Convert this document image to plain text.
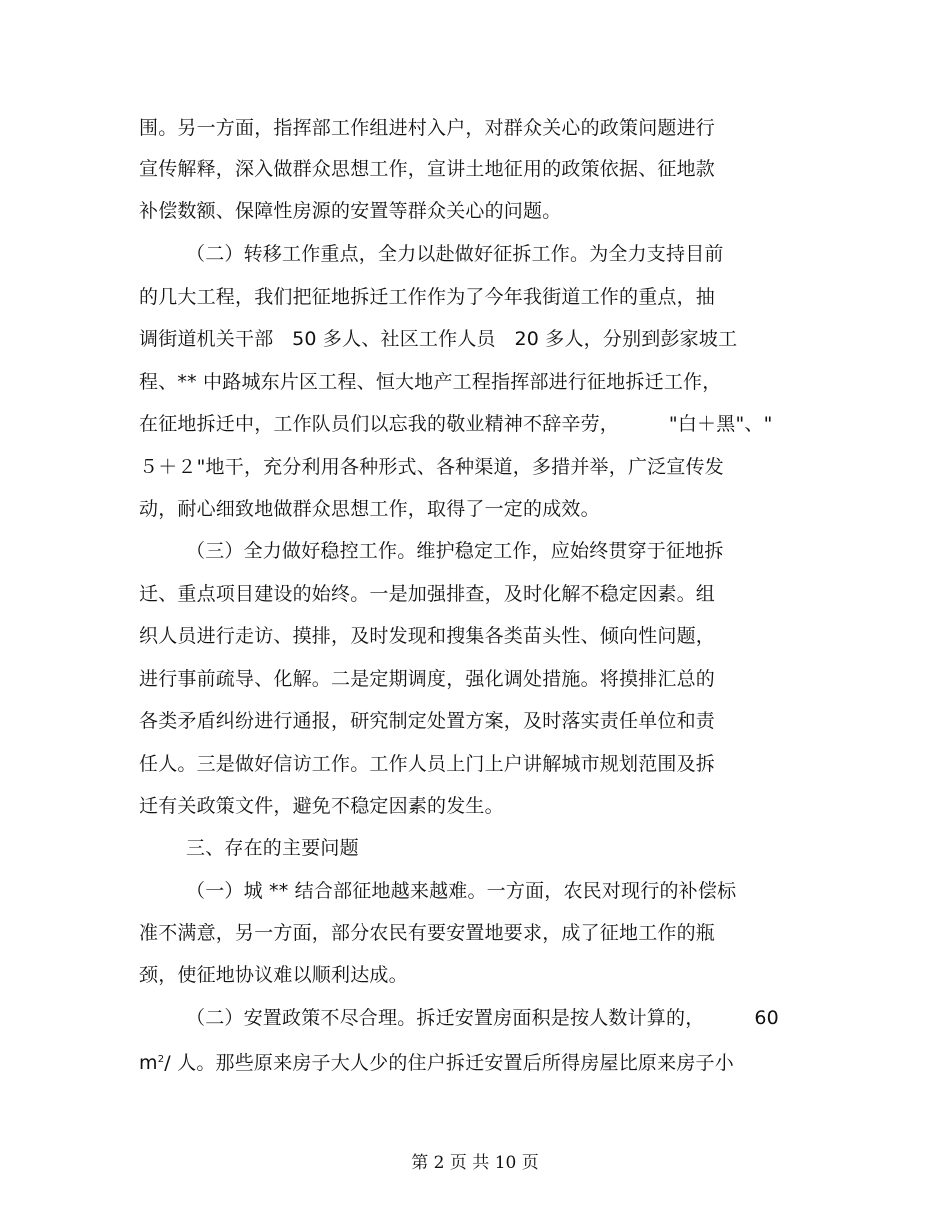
围。另一方面，指挥部工作组进村入户，对群众关心的政策问题进行

宣传解释，深入做群众思想工作，宣讲土地征用的政策依据、征地款

补偿数额、保障性房源的安置等群众关心的问题。

（二）转移工作重点，全力以赴做好征拆工作。为全力支持目前

的几大工程，我们把征地拆迁工作作为了今年我街道工作的重点，抽

调街道机关干部   50 多人、社区工作人员   20 多人，分别到彭家坡工

程、** 中路城东片区工程、恒大地产工程指挥部进行征地拆迁工作，

在征地拆迁中，工作队员们以忘我的敬业精神不辞辛劳，        "白＋黑"、"

５＋２"地干，充分利用各种形式、各种渠道，多措并举，广泛宣传发

动，耐心细致地做群众思想工作，取得了一定的成效。

（三）全力做好稳控工作。维护稳定工作，应始终贯穿于征地拆

迁、重点项目建设的始终。一是加强排查，及时化解不稳定因素。组

织人员进行走访、摸排，及时发现和搜集各类苗头性、倾向性问题，

进行事前疏导、化解。二是定期调度，强化调处措施。将摸排汇总的

各类矛盾纠纷进行通报，研究制定处置方案，及时落实责任单位和责

任人。三是做好信访工作。工作人员上门上户讲解城市规划范围及拆

迁有关政策文件，避免不稳定因素的发生。

三、存在的主要问题

（一）城 ** 结合部征地越来越难。一方面，农民对现行的补偿标

准不满意，另一方面，部分农民有要安置地要求，成了征地工作的瓶

颈，使征地协议难以顺利达成。

（二）安置政策不尽合理。拆迁安置房面积是按人数计算的，        60

$m^2/$ 人。那些原来房子大人少的住户拆迁安置后所得房屋比原来房子小

第 2 页 共 10 页
